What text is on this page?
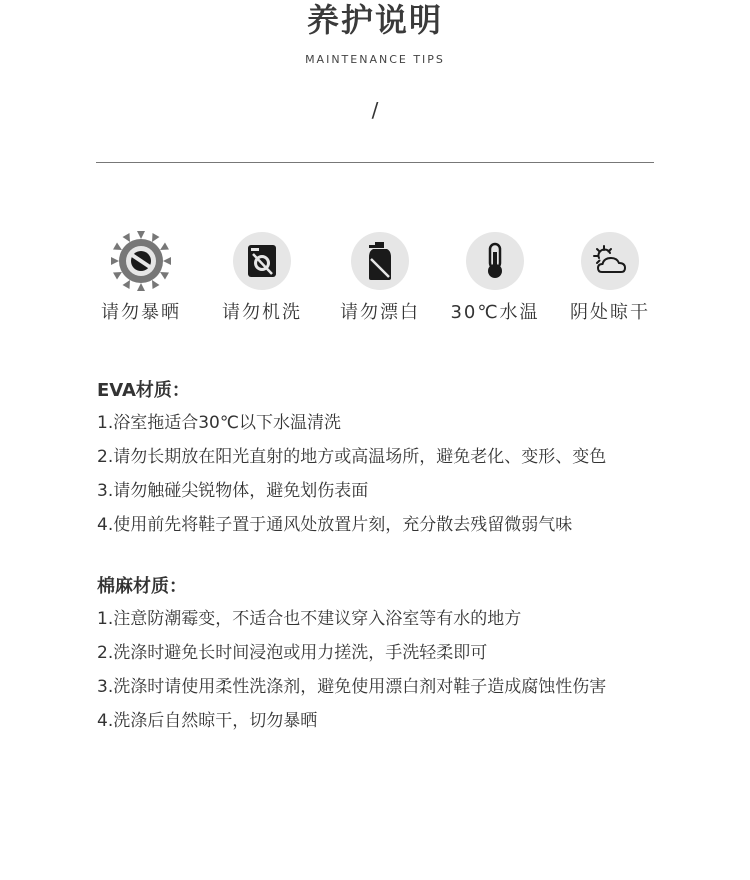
养护说明
MAINTENANCE TIPS
/
请勿暴晒 请勿机洗 请勿漂白 30℃水温 阴处晾干
EVA材质：
1.浴室拖适合30℃以下水温清洗
2.请勿长期放在阳光直射的地方或高温场所，避免老化、变形、变色
3.请勿触碰尖锐物体，避免划伤表面
4.使用前先将鞋子置于通风处放置片刻，充分散去残留微弱气味
棉麻材质：
1.注意防潮霉变，不适合也不建议穿入浴室等有水的地方
2.洗涤时避免长时间浸泡或用力搓洗，手洗轻柔即可
3.洗涤时请使用柔性洗涤剂，避免使用漂白剂对鞋子造成腐蚀性伤害
4.洗涤后自然晾干，切勿暴晒
